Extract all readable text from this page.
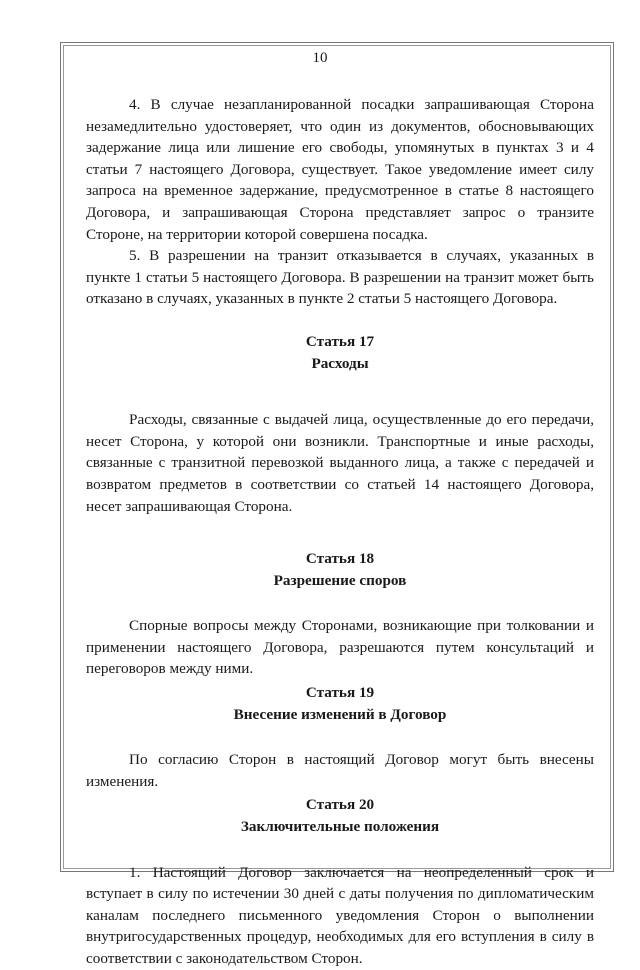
10

4. В случае незапланированной посадки запрашивающая Сторона незамедлительно удостоверяет, что один из документов, обосновывающих задержание лица или лишение его свободы, упомянутых в пунктах 3 и 4 статьи 7 настоящего Договора, существует. Такое уведомление имеет силу запроса на временное задержание, предусмотренное в статье 8 настоящего Договора, и запрашивающая Сторона представляет запрос о транзите Стороне, на территории которой совершена посадка.

5. В разрешении на транзит отказывается в случаях, указанных в пункте 1 статьи 5 настоящего Договора. В разрешении на транзит может быть отказано в случаях, указанных в пункте 2 статьи 5 настоящего Договора.

Статья 17
Расходы

Расходы, связанные с выдачей лица, осуществленные до его передачи, несет Сторона, у которой они возникли. Транспортные и иные расходы, связанные с транзитной перевозкой выданного лица, а также с передачей и возвратом предметов в соответствии со статьей 14 настоящего Договора, несет запрашивающая Сторона.

Статья 18
Разрешение споров

Спорные вопросы между Сторонами, возникающие при толковании и применении настоящего Договора, разрешаются путем консультаций и переговоров между ними.

Статья 19
Внесение изменений в Договор

По согласию Сторон в настоящий Договор могут быть внесены изменения.

Статья 20
Заключительные положения

1. Настоящий Договор заключается на неопределенный срок и вступает в силу по истечении 30 дней с даты получения по дипломатическим каналам последнего письменного уведомления Сторон о выполнении внутригосударственных процедур, необходимых для его вступления в силу в соответствии с законодательством Сторон.
